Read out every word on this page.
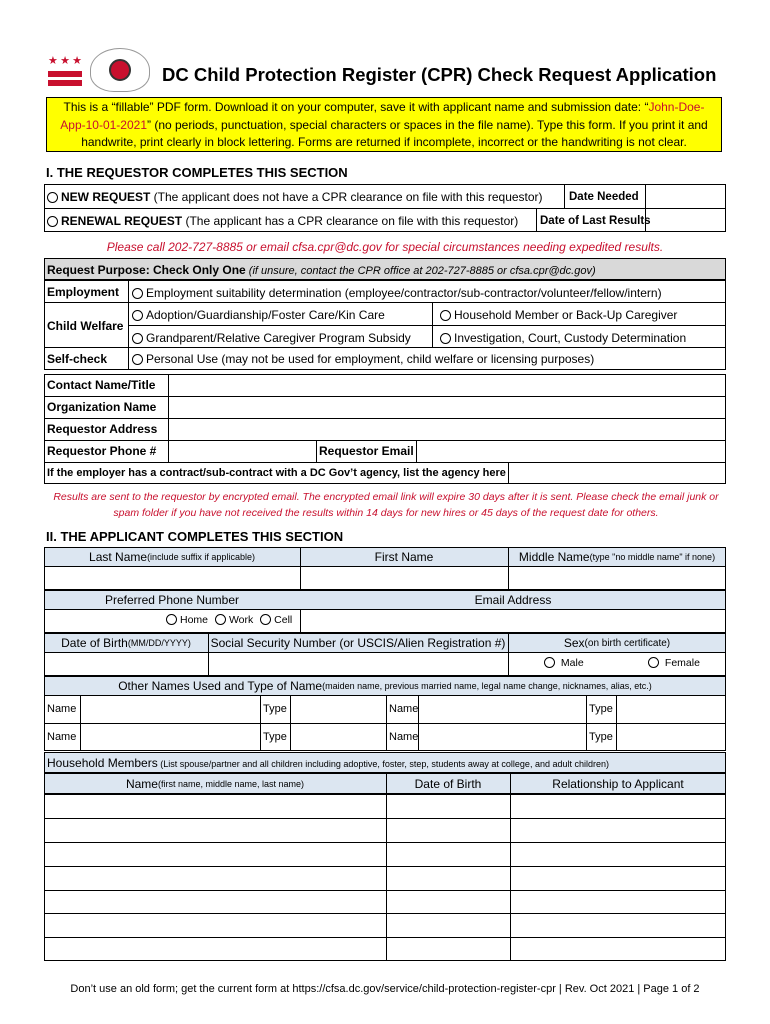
★ ★ ★
DC Child Protection Register (CPR) Check Request Application
This is a “fillable” PDF form. Download it on your computer, save it with applicant name and submission date: “John-Doe-App-10-01-2021” (no periods, punctuation, special characters or spaces in the file name). Type this form. If you print it and handwrite, print clearly in block lettering. Forms are returned if incomplete, incorrect or the handwriting is not clear.
I. THE REQUESTOR COMPLETES THIS SECTION
NEW REQUEST (The applicant does not have a CPR clearance on file with this requestor) Date Needed
RENEWAL REQUEST (The applicant has a CPR clearance on file with this requestor) Date of Last Results
Please call 202-727-8885 or email cfsa.cpr@dc.gov for special circumstances needing expedited results.
Request Purpose: Check Only One (if unsure, contact the CPR office at 202-727-8885 or cfsa.cpr@dc.gov)
Employment	Employment suitability determination (employee/contractor/sub-contractor/volunteer/fellow/intern)
Child Welfare
Adoption/Guardianship/Foster Care/Kin Care	Household Member or Back-Up Caregiver
Grandparent/Relative Caregiver Program Subsidy	Investigation, Court, Custody Determination
Self-check	Personal Use (may not be used for employment, child welfare or licensing purposes)
Contact Name/Title
Organization Name
Requestor Address
Requestor Phone #	Requestor Email
If the employer has a contract/sub-contract with a DC Gov’t agency, list the agency here
Results are sent to the requestor by encrypted email. The encrypted email link will expire 30 days after it is sent. Please check the email junk or spam folder if you have not received the results within 14 days for new hires or 45 days of the request date for others.
II. THE APPLICANT COMPLETES THIS SECTION
Last Name (include suffix if applicable)	First Name	Middle Name (type "no middle name" if none)
Preferred Phone Number	Email Address
Home Work Cell
Date of Birth (MM/DD/YYYY) Social Security Number (or USCIS/Alien Registration #)	Sex (on birth certificate)
Male	Female
Other Names Used and Type of Name (maiden name, previous married name, legal name change, nicknames, alias, etc.)
Name	Type	Name	Type
Name	Type	Name	Type
Household Members (List spouse/partner and all children including adoptive, foster, step, students away at college, and adult children)
Name (first name, middle name, last name)	Date of Birth	Relationship to Applicant
Don’t use an old form; get the current form at https://cfsa.dc.gov/service/child-protection-register-cpr | Rev. Oct 2021 | Page 1 of 2
